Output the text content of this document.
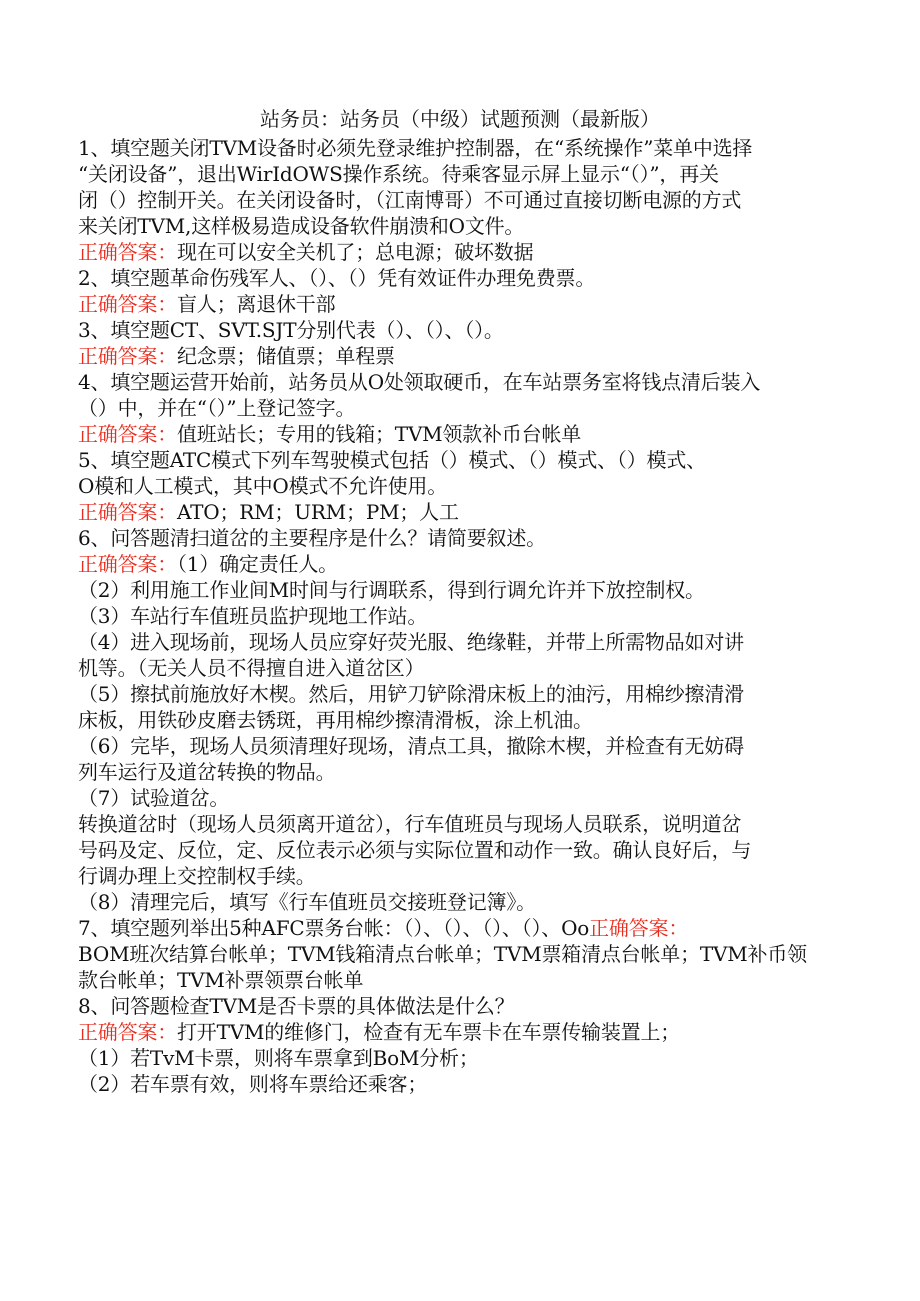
站务员：站务员（中级）试题预测（最新版）
1、填空题关闭TVM设备时必须先登录维护控制器，在“系统操作”菜单中选择
“关闭设备”，退出WirIdOWS操作系统。待乘客显示屏上显示“（）”，再关
闭（）控制开关。在关闭设备时，（江南博哥）不可通过直接切断电源的方式
来关闭TVM,这样极易造成设备软件崩溃和O文件。
正确答案：现在可以安全关机了；总电源；破坏数据
2、填空题革命伤残军人、（）、（）凭有效证件办理免费票。
正确答案：盲人；离退休干部
3、填空题CT、SVT.SJT分别代表（）、（）、（）。
正确答案：纪念票；储值票；单程票
4、填空题运营开始前，站务员从O处领取硬币，在车站票务室将钱点清后装入
（）中，并在“（）”上登记签字。
正确答案：值班站长；专用的钱箱；TVM领款补币台帐单
5、填空题ATC模式下列车驾驶模式包括（）模式、（）模式、（）模式、
O模和人工模式，其中O模式不允许使用。
正确答案：ATO；RM；URM；PM；人工
6、问答题清扫道岔的主要程序是什么？请简要叙述。
正确答案：（1）确定责任人。
（2）利用施工作业间M时间与行调联系，得到行调允许并下放控制权。
（3）车站行车值班员监护现地工作站。
（4）进入现场前，现场人员应穿好荧光服、绝缘鞋，并带上所需物品如对讲
机等。（无关人员不得擅自进入道岔区）
（5）擦拭前施放好木楔。然后，用铲刀铲除滑床板上的油污，用棉纱擦清滑
床板，用铁砂皮磨去锈斑，再用棉纱擦清滑板，涂上机油。
（6）完毕，现场人员须清理好现场，清点工具，撤除木楔，并检查有无妨碍
列车运行及道岔转换的物品。
（7）试验道岔。
转换道岔时（现场人员须离开道岔），行车值班员与现场人员联系，说明道岔
号码及定、反位，定、反位表示必须与实际位置和动作一致。确认良好后，与
行调办理上交控制权手续。
（8）清理完后，填写《行车值班员交接班登记簿》。
7、填空题列举出5种AFC票务台帐：（）、（）、（）、（）、Oo正确答案：
BOM班次结算台帐单；TVM钱箱清点台帐单；TVM票箱清点台帐单；TVM补币领
款台帐单；TVM补票领票台帐单
8、问答题检查TVM是否卡票的具体做法是什么？
正确答案：打开TVM的维修门，检查有无车票卡在车票传输装置上；
（1）若TvM卡票，则将车票拿到BoM分析；
（2）若车票有效，则将车票给还乘客；
